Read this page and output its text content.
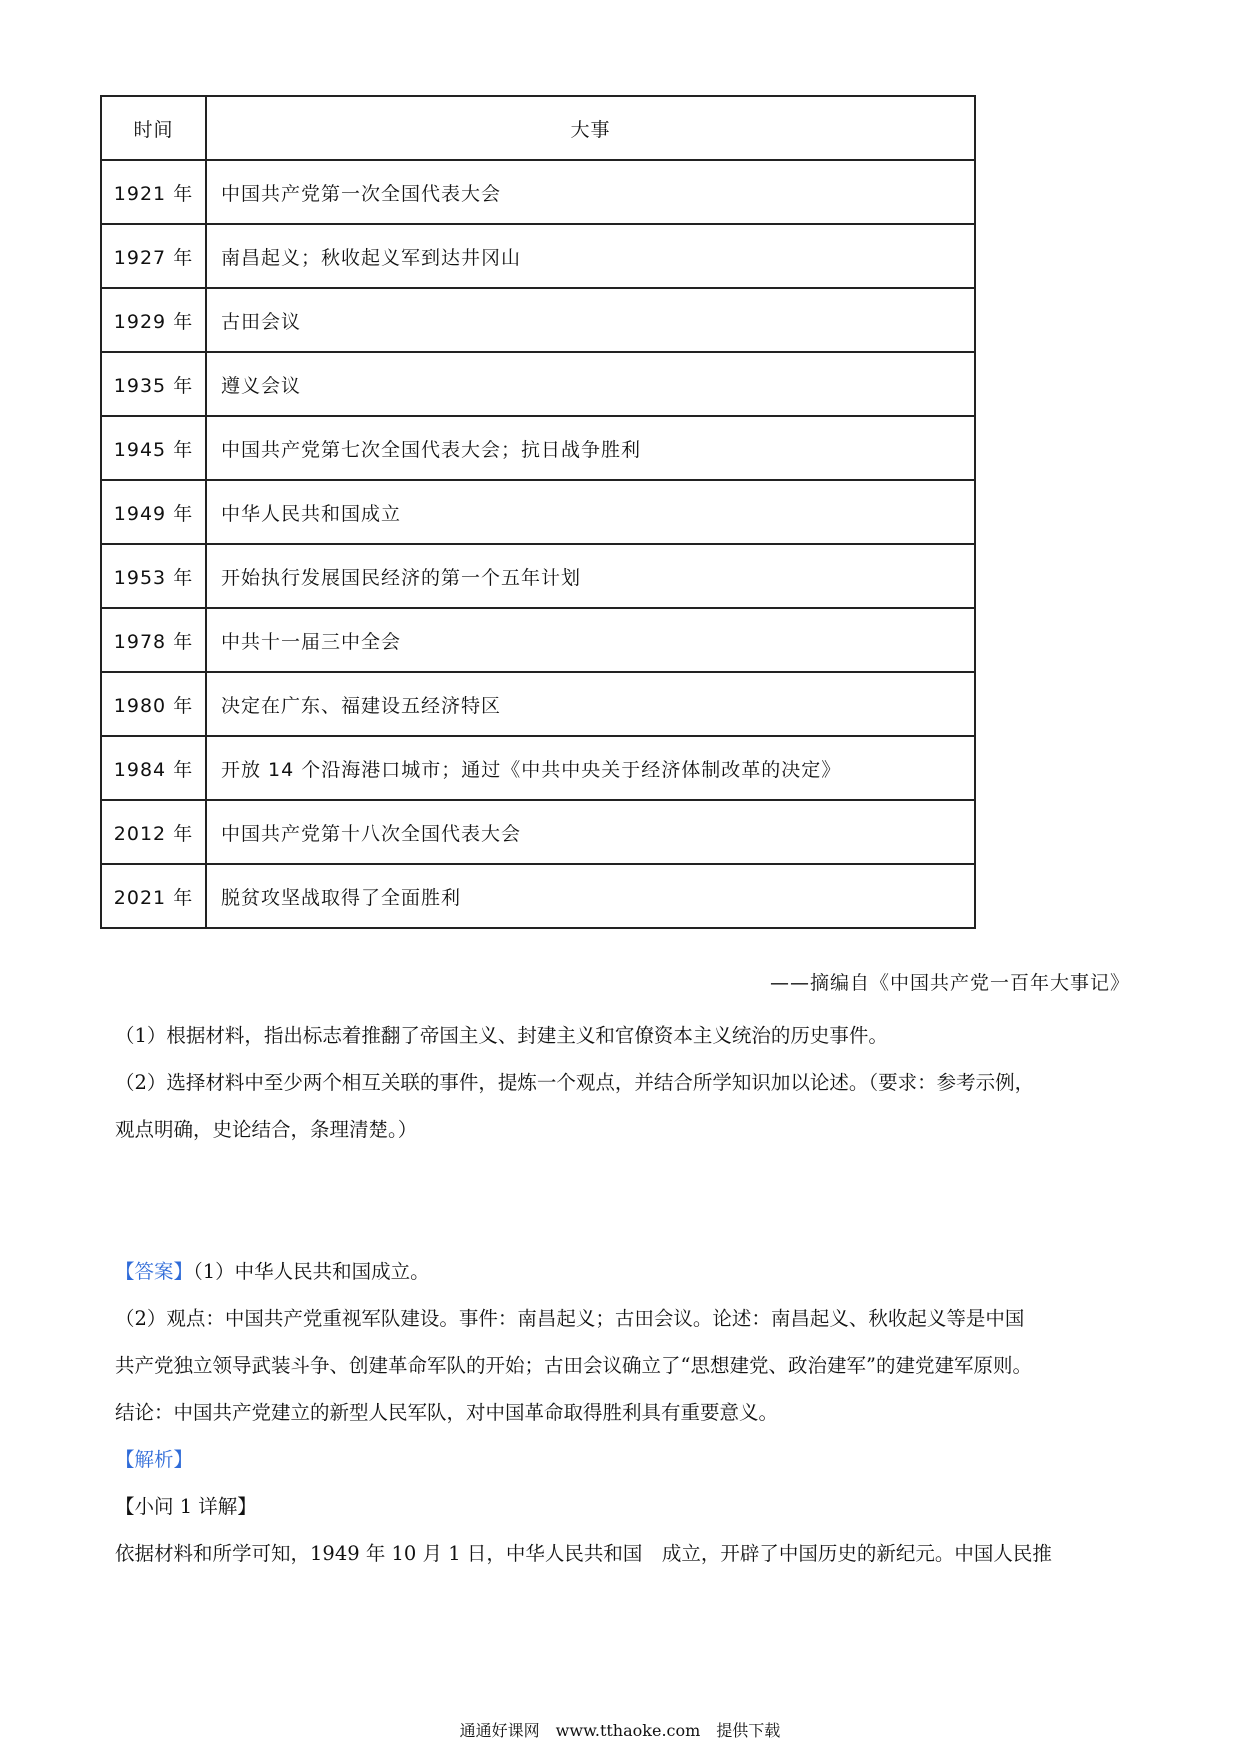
时间	大事
1921 年	中国共产党第一次全国代表大会
1927 年	南昌起义；秋收起义军到达井冈山
1929 年	古田会议
1935 年	遵义会议
1945 年	中国共产党第七次全国代表大会；抗日战争胜利
1949 年	中华人民共和国成立
1953 年	开始执行发展国民经济的第一个五年计划
1978 年	中共十一届三中全会
1980 年	决定在广东、福建设五经济特区
1984 年	开放 14 个沿海港口城市；通过《中共中央关于经济体制改革的决定》
2012 年	中国共产党第十八次全国代表大会
2021 年	脱贫攻坚战取得了全面胜利
——摘编自《中国共产党一百年大事记》
（1）根据材料，指出标志着推翻了帝国主义、封建主义和官僚资本主义统治的历史事件。
（2）选择材料中至少两个相互关联的事件，提炼一个观点，并结合所学知识加以论述。（要求：参考示例，
观点明确，史论结合，条理清楚。）
【答案】（1）中华人民共和国成立。
（2）观点：中国共产党重视军队建设。事件：南昌起义；古田会议。论述：南昌起义、秋收起义等是中国
共产党独立领导武装斗争、创建革命军队的开始；古田会议确立了“思想建党、政治建军”的建党建军原则。
结论：中国共产党建立的新型人民军队，对中国革命取得胜利具有重要意义。
【解析】
【小问 1 详解】
依据材料和所学可知，1949 年 10 月 1 日，中华人民共和国　成立，开辟了中国历史的新纪元。中国人民推
通通好课网　www.tthaoke.com　提供下载
